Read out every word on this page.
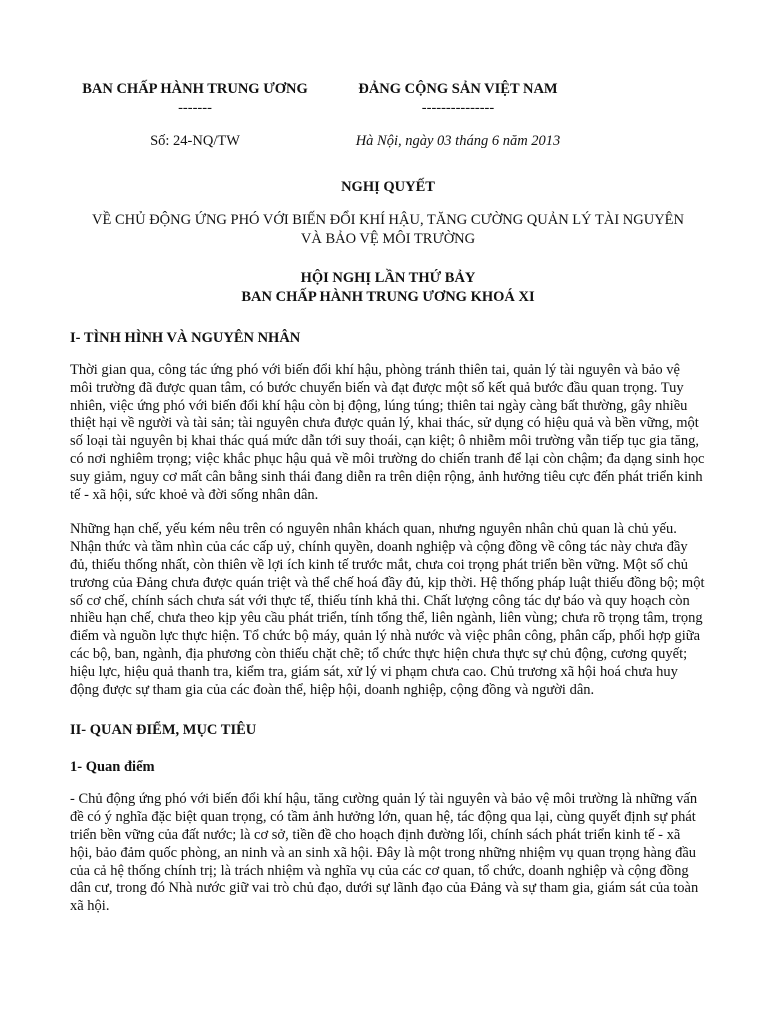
BAN CHẤP HÀNH TRUNG ƯƠNG
-------
Số: 24-NQ/TW
ĐẢNG CỘNG SẢN VIỆT NAM
---------------
Hà Nội, ngày 03 tháng 6 năm 2013
NGHỊ QUYẾT
VỀ CHỦ ĐỘNG ỨNG PHÓ VỚI BIẾN ĐỔI KHÍ HẬU, TĂNG CƯỜNG QUẢN LÝ TÀI NGUYÊN
VÀ BẢO VỆ MÔI TRƯỜNG
HỘI NGHỊ LẦN THỨ BẢY
BAN CHẤP HÀNH TRUNG ƯƠNG KHOÁ XI
I- TÌNH HÌNH VÀ NGUYÊN NHÂN

Thời gian qua, công tác ứng phó với biến đổi khí hậu, phòng tránh thiên tai, quản lý tài nguyên và bảo vệ môi trường đã được quan tâm, có bước chuyển biến và đạt được một số kết quả bước đầu quan trọng. Tuy nhiên, việc ứng phó với biến đổi khí hậu còn bị động, lúng túng; thiên tai ngày càng bất thường, gây nhiều thiệt hại về người và tài sản; tài nguyên chưa được quản lý, khai thác, sử dụng có hiệu quả và bền vững, một số loại tài nguyên bị khai thác quá mức dẫn tới suy thoái, cạn kiệt; ô nhiễm môi trường vẫn tiếp tục gia tăng, có nơi nghiêm trọng; việc khắc phục hậu quả về môi trường do chiến tranh để lại còn chậm; đa dạng sinh học suy giảm, nguy cơ mất cân bằng sinh thái đang diễn ra trên diện rộng, ảnh hưởng tiêu cực đến phát triển kinh tế - xã hội, sức khoẻ và đời sống nhân dân.

Những hạn chế, yếu kém nêu trên có nguyên nhân khách quan, nhưng nguyên nhân chủ quan là chủ yếu. Nhận thức và tầm nhìn của các cấp uỷ, chính quyền, doanh nghiệp và cộng đồng về công tác này chưa đầy đủ, thiếu thống nhất, còn thiên về lợi ích kinh tế trước mắt, chưa coi trọng phát triển bền vững. Một số chủ trương của Đảng chưa được quán triệt và thể chế hoá đầy đủ, kịp thời. Hệ thống pháp luật thiếu đồng bộ; một số cơ chế, chính sách chưa sát với thực tế, thiếu tính khả thi. Chất lượng công tác dự báo và quy hoạch còn nhiều hạn chế, chưa theo kịp yêu cầu phát triển, tính tổng thể, liên ngành, liên vùng; chưa rõ trọng tâm, trọng điểm và nguồn lực thực hiện. Tổ chức bộ máy, quản lý nhà nước và việc phân công, phân cấp, phối hợp giữa các bộ, ban, ngành, địa phương còn thiếu chặt chẽ; tổ chức thực hiện chưa thực sự chủ động, cương quyết; hiệu lực, hiệu quả thanh tra, kiểm tra, giám sát, xử lý vi phạm chưa cao. Chủ trương xã hội hoá chưa huy động được sự tham gia của các đoàn thể, hiệp hội, doanh nghiệp, cộng đồng và người dân.

II- QUAN ĐIỂM, MỤC TIÊU
1- Quan điểm

- Chủ động ứng phó với biến đổi khí hậu, tăng cường quản lý tài nguyên và bảo vệ môi trường là những vấn đề có ý nghĩa đặc biệt quan trọng, có tầm ảnh hưởng lớn, quan hệ, tác động qua lại, cùng quyết định sự phát triển bền vững của đất nước; là cơ sở, tiền đề cho hoạch định đường lối, chính sách phát triển kinh tế - xã hội, bảo đảm quốc phòng, an ninh và an sinh xã hội. Đây là một trong những nhiệm vụ quan trọng hàng đầu của cả hệ thống chính trị; là trách nhiệm và nghĩa vụ của các cơ quan, tổ chức, doanh nghiệp và cộng đồng dân cư, trong đó Nhà nước giữ vai trò chủ đạo, dưới sự lãnh đạo của Đảng và sự tham gia, giám sát của toàn xã hội.
